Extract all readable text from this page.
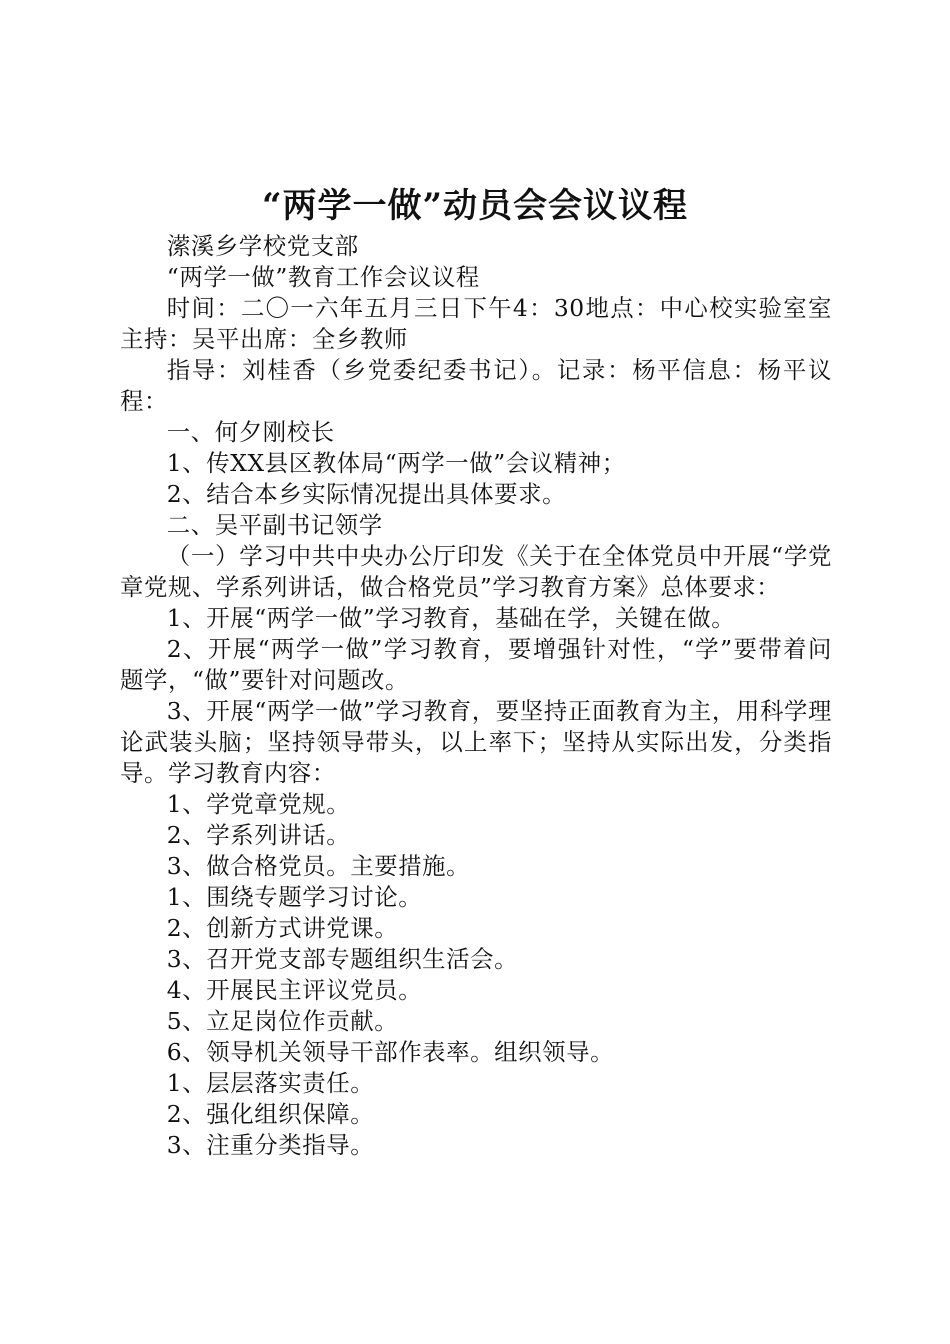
“两学一做”动员会会议议程

潆溪乡学校党支部

“两学一做”教育工作会议议程

时间：二〇一六年五月三日下午4：30地点：中心校实验室室主持：吴平出席：全乡教师

指导：刘桂香（乡党委纪委书记）。记录：杨平信息：杨平议程：

一、何夕刚校长

1、传XX县区教体局“两学一做”会议精神；

2、结合本乡实际情况提出具体要求。

二、吴平副书记领学

（一）学习中共中央办公厅印发《关于在全体党员中开展“学党章党规、学系列讲话，做合格党员”学习教育方案》总体要求：

1、开展“两学一做”学习教育，基础在学，关键在做。

2、开展“两学一做”学习教育，要增强针对性，“学”要带着问题学，“做”要针对问题改。

3、开展“两学一做”学习教育，要坚持正面教育为主，用科学理论武装头脑；坚持领导带头，以上率下；坚持从实际出发，分类指导。学习教育内容：

1、学党章党规。

2、学系列讲话。

3、做合格党员。主要措施。

1、围绕专题学习讨论。

2、创新方式讲党课。

3、召开党支部专题组织生活会。

4、开展民主评议党员。

5、立足岗位作贡献。

6、领导机关领导干部作表率。组织领导。

1、层层落实责任。

2、强化组织保障。

3、注重分类指导。
